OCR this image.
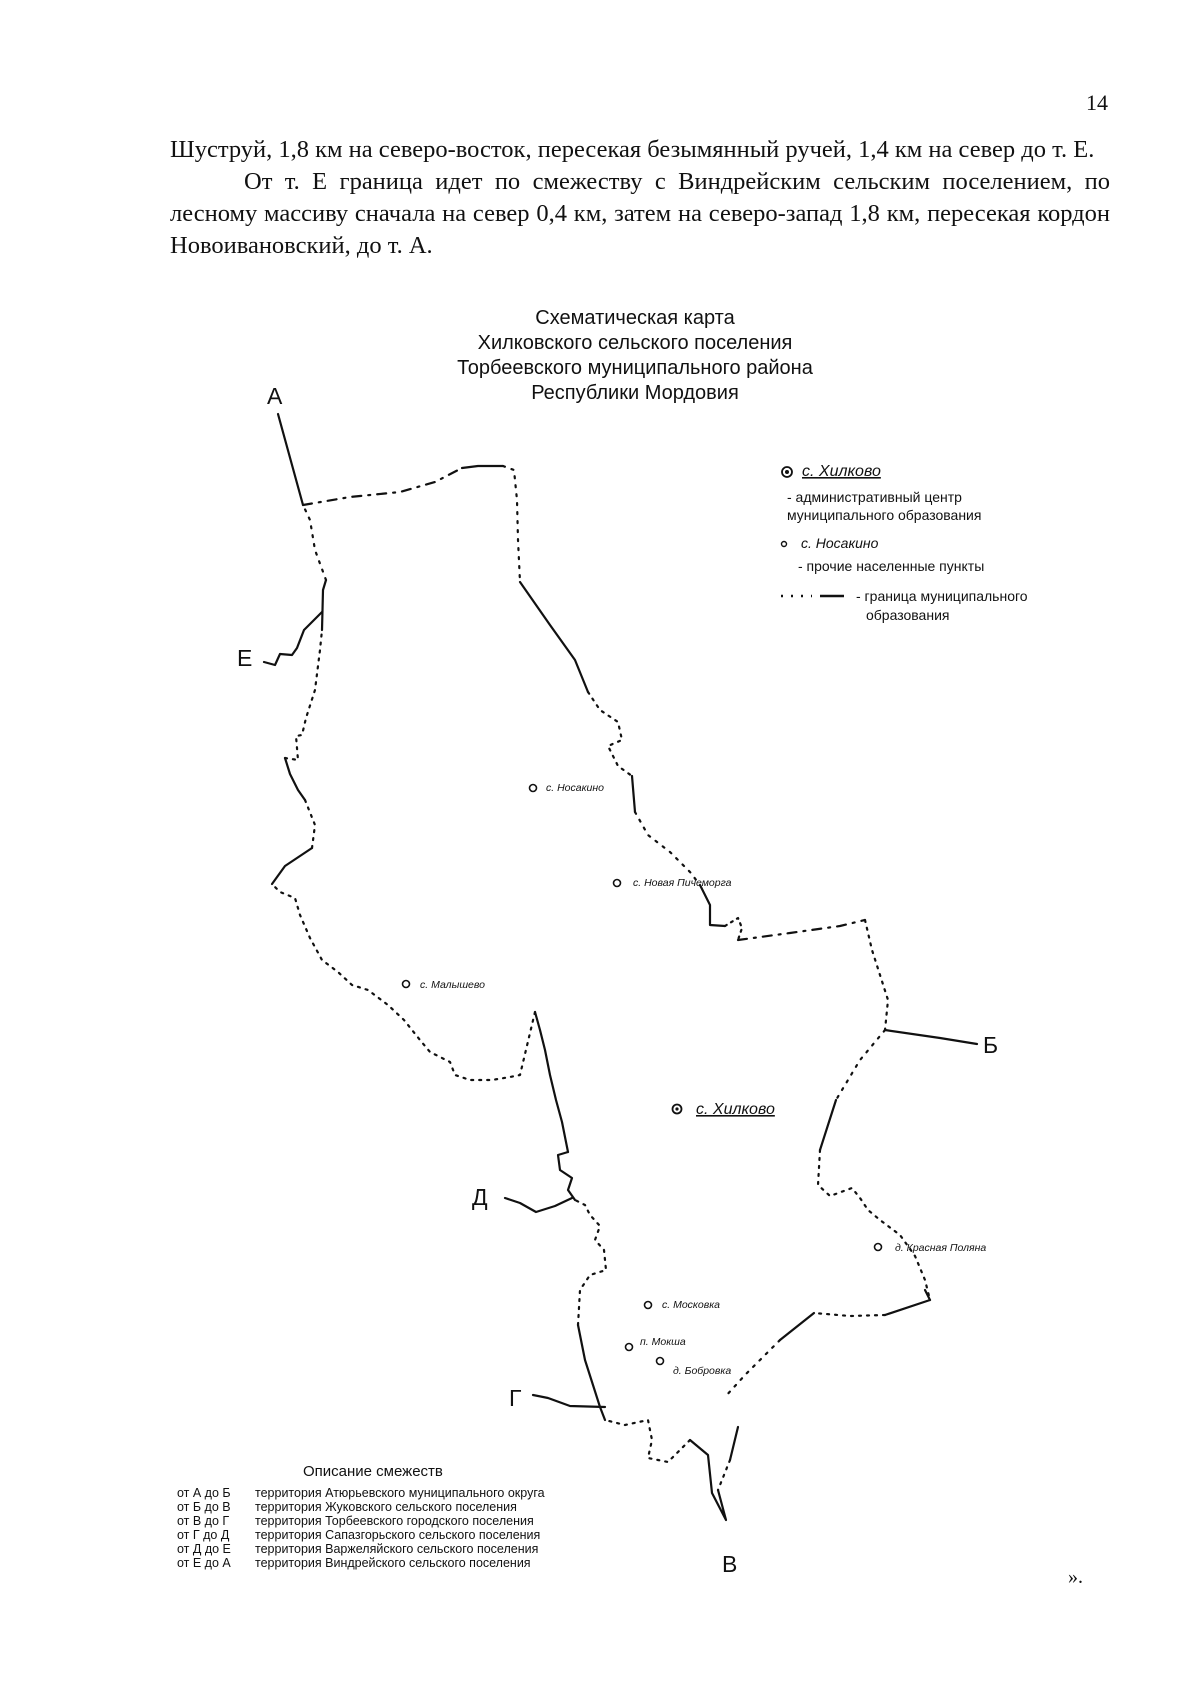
14

Шуструй, 1,8 км на северо-восток, пересекая безымянный ручей, 1,4 км на север до т. Е.

От т. Е граница идет по смежеству с Виндрейским сельским поселением, по лесному массиву сначала на север 0,4 км, затем на северо-запад 1,8 км, пересекая кордон Новоивановский, до т. А.

Схематическая карта
Хилковского сельского поселения
Торбеевского муниципального района
Республики Мордовия
А
Е
Б
Д
Г
В
с. Носакино
с. Новая Пичеморга
с. Малышево
с. Хилково
д. Красная Поляна
с. Московка
п. Мокша
д. Бобровка
с. Хилково
- административный центр
муниципального образования
с. Носакино
- прочие населенные пункты
- граница муниципального
образования
Описание смежеств
от А до Б территория Атюрьевского муниципального округа
от Б до В территория Жуковского сельского поселения
от В до Г территория Торбеевского городского поселения
от Г до Д территория Сапазгорьского сельского поселения
от Д до Е территория Варжеляйского сельского поселения
от Е до А территория Виндрейского сельского поселения
».
